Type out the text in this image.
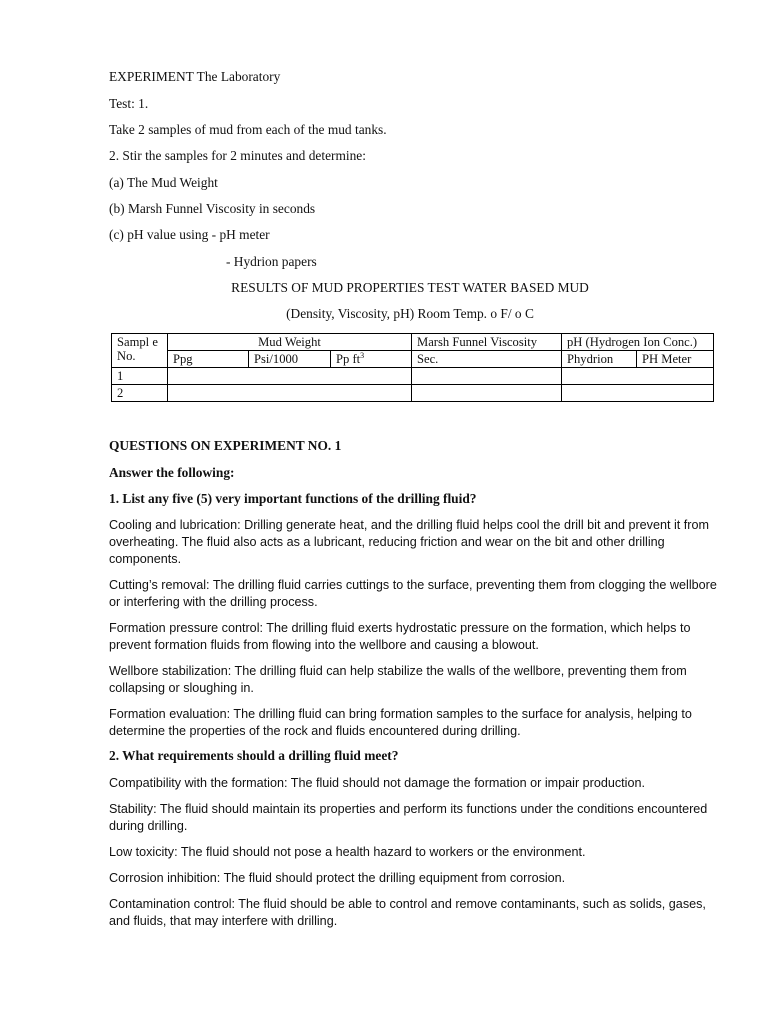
EXPERIMENT The Laboratory
Test: 1.
Take 2 samples of mud from each of the mud tanks.
2. Stir the samples for 2 minutes and determine:
(a) The Mud Weight
(b) Marsh Funnel Viscosity in seconds
(c) pH value using - pH meter
- Hydrion papers
RESULTS OF MUD PROPERTIES TEST WATER BASED MUD
(Density, Viscosity, pH) Room Temp. o F/ o C
Sampl e No.	Mud Weight			Marsh Funnel Viscosity	pH (Hydrogen Ion Conc.)	
	Ppg	Psi/1000	Pp $ft^3$	Sec.	Phydrion	PH Meter
1						
2						
QUESTIONS ON EXPERIMENT NO. 1
Answer the following:
1. List any five (5) very important functions of the drilling fluid?
Cooling and lubrication: Drilling generate heat, and the drilling fluid helps cool the drill bit and prevent it from overheating. The fluid also acts as a lubricant, reducing friction and wear on the bit and other drilling components.
Cutting’s removal: The drilling fluid carries cuttings to the surface, preventing them from clogging the wellbore or interfering with the drilling process.
Formation pressure control: The drilling fluid exerts hydrostatic pressure on the formation, which helps to prevent formation fluids from flowing into the wellbore and causing a blowout.
Wellbore stabilization: The drilling fluid can help stabilize the walls of the wellbore, preventing them from collapsing or sloughing in.
Formation evaluation: The drilling fluid can bring formation samples to the surface for analysis, helping to determine the properties of the rock and fluids encountered during drilling.
2. What requirements should a drilling fluid meet?
Compatibility with the formation: The fluid should not damage the formation or impair production.
Stability: The fluid should maintain its properties and perform its functions under the conditions encountered during drilling.
Low toxicity: The fluid should not pose a health hazard to workers or the environment.
Corrosion inhibition: The fluid should protect the drilling equipment from corrosion.
Contamination control: The fluid should be able to control and remove contaminants, such as solids, gases, and fluids, that may interfere with drilling.
